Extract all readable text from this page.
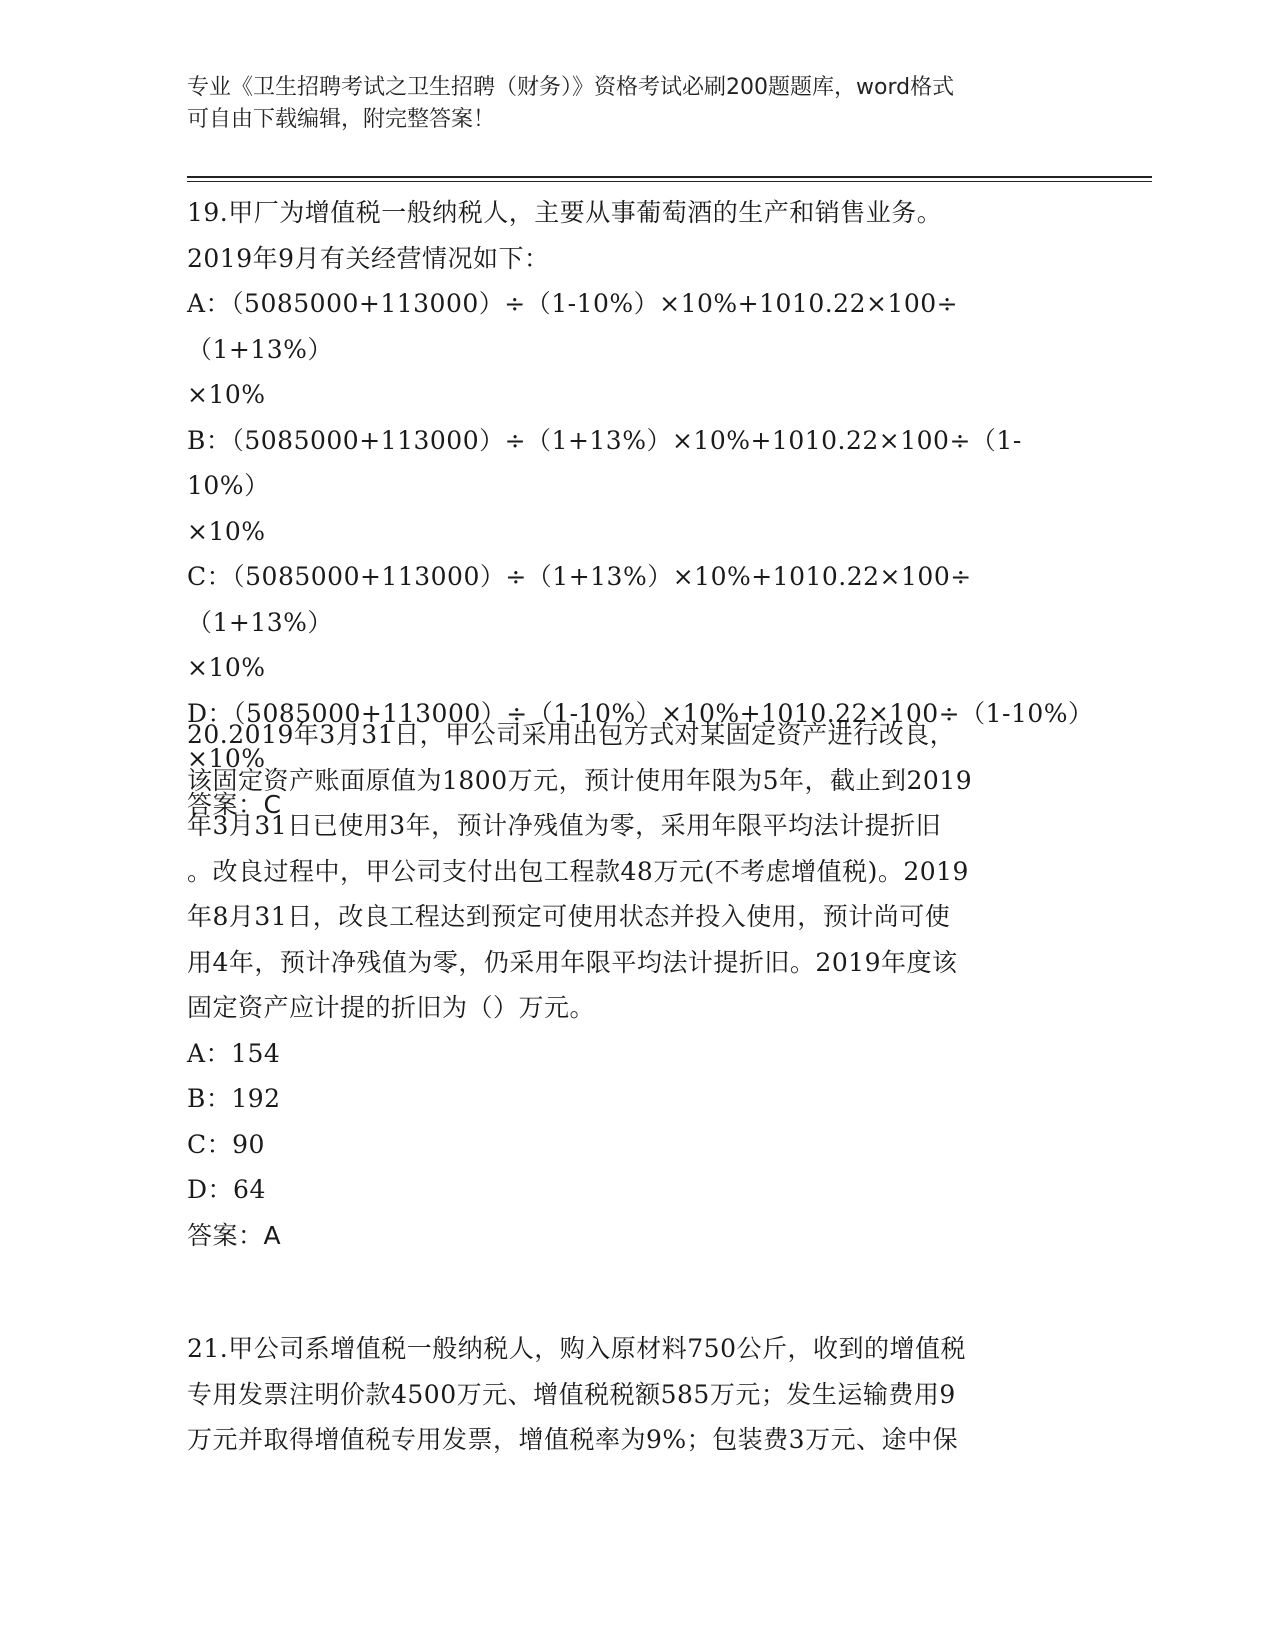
专业《卫生招聘考试之卫生招聘（财务）》资格考试必刷200题题库，word格式
可自由下载编辑，附完整答案！

19.甲厂为增值税一般纳税人，主要从事葡萄酒的生产和销售业务。

2019年9月有关经营情况如下：

A：（5085000+113000）÷（1-10%）×10%+1010.22×100÷（1+13%）

×10%

B：（5085000+113000）÷（1+13%）×10%+1010.22×100÷（1-10%）

×10%

C：（5085000+113000）÷（1+13%）×10%+1010.22×100÷（1+13%）

×10%

D：（5085000+113000）÷（1-10%）×10%+1010.22×100÷（1-10%）

×10%

答案：C

20.2019年3月31日，甲公司采用出包方式对某固定资产进行改良，

该固定资产账面原值为1800万元，预计使用年限为5年，截止到2019

年3月31日已使用3年，预计净残值为零，采用年限平均法计提折旧

。改良过程中，甲公司支付出包工程款48万元(不考虑增值税)。2019

年8月31日，改良工程达到预定可使用状态并投入使用，预计尚可使

用4年，预计净残值为零，仍采用年限平均法计提折旧。2019年度该

固定资产应计提的折旧为（）万元。

A：154

B：192

C：90

D：64

答案：A

21.甲公司系增值税一般纳税人，购入原材料750公斤，收到的增值税

专用发票注明价款4500万元、增值税税额585万元；发生运输费用9

万元并取得增值税专用发票，增值税率为9%；包装费3万元、途中保
